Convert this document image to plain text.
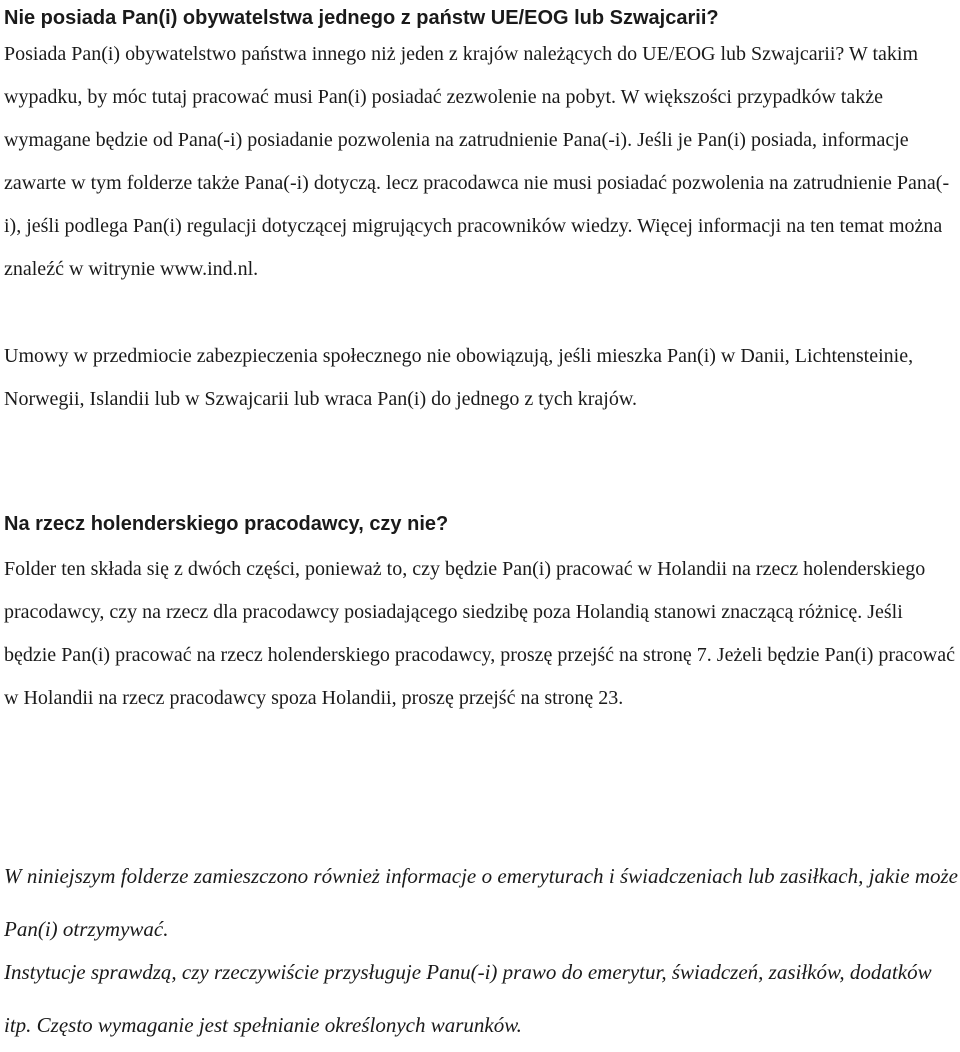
Nie posiada Pan(i) obywatelstwa jednego z państw UE/EOG lub Szwajcarii?

Posiada Pan(i) obywatelstwo państwa innego niż jeden z krajów należących do UE/EOG lub Szwajcarii? W takim wypadku, by móc tutaj pracować musi Pan(i) posiadać zezwolenie na pobyt. W większości przypadków także wymagane będzie od Pana(-i) posiadanie pozwolenia na zatrudnienie Pana(-i). Jeśli je Pan(i) posiada, informacje zawarte w tym folderze także Pana(-i) dotyczą. lecz pracodawca nie musi posiadać pozwolenia na zatrudnienie Pana(-i), jeśli podlega Pan(i) regulacji dotyczącej migrujących pracowników wiedzy. Więcej informacji na ten temat można znaleźć w witrynie www.ind.nl.

Umowy w przedmiocie zabezpieczenia społecznego nie obowiązują, jeśli mieszka Pan(i) w Danii, Lichtensteinie, Norwegii, Islandii lub w Szwajcarii lub wraca Pan(i) do jednego z tych krajów.

Na rzecz holenderskiego pracodawcy, czy nie?

Folder ten składa się z dwóch części, ponieważ to, czy będzie Pan(i) pracować w Holandii na rzecz holenderskiego pracodawcy, czy na rzecz dla pracodawcy posiadającego siedzibę poza Holandią stanowi znaczącą różnicę. Jeśli będzie Pan(i) pracować na rzecz holenderskiego pracodawcy, proszę przejść na stronę 7. Jeżeli będzie Pan(i) pracować w Holandii na rzecz pracodawcy spoza Holandii, proszę przejść na stronę 23.

W niniejszym folderze zamieszczono również informacje o emeryturach i świadczeniach lub zasiłkach, jakie może Pan(i) otrzymywać.

Instytucje sprawdzą, czy rzeczywiście przysługuje Panu(-i) prawo do emerytur, świadczeń, zasiłków, dodatków itp. Często wymaganie jest spełnianie określonych warunków.
